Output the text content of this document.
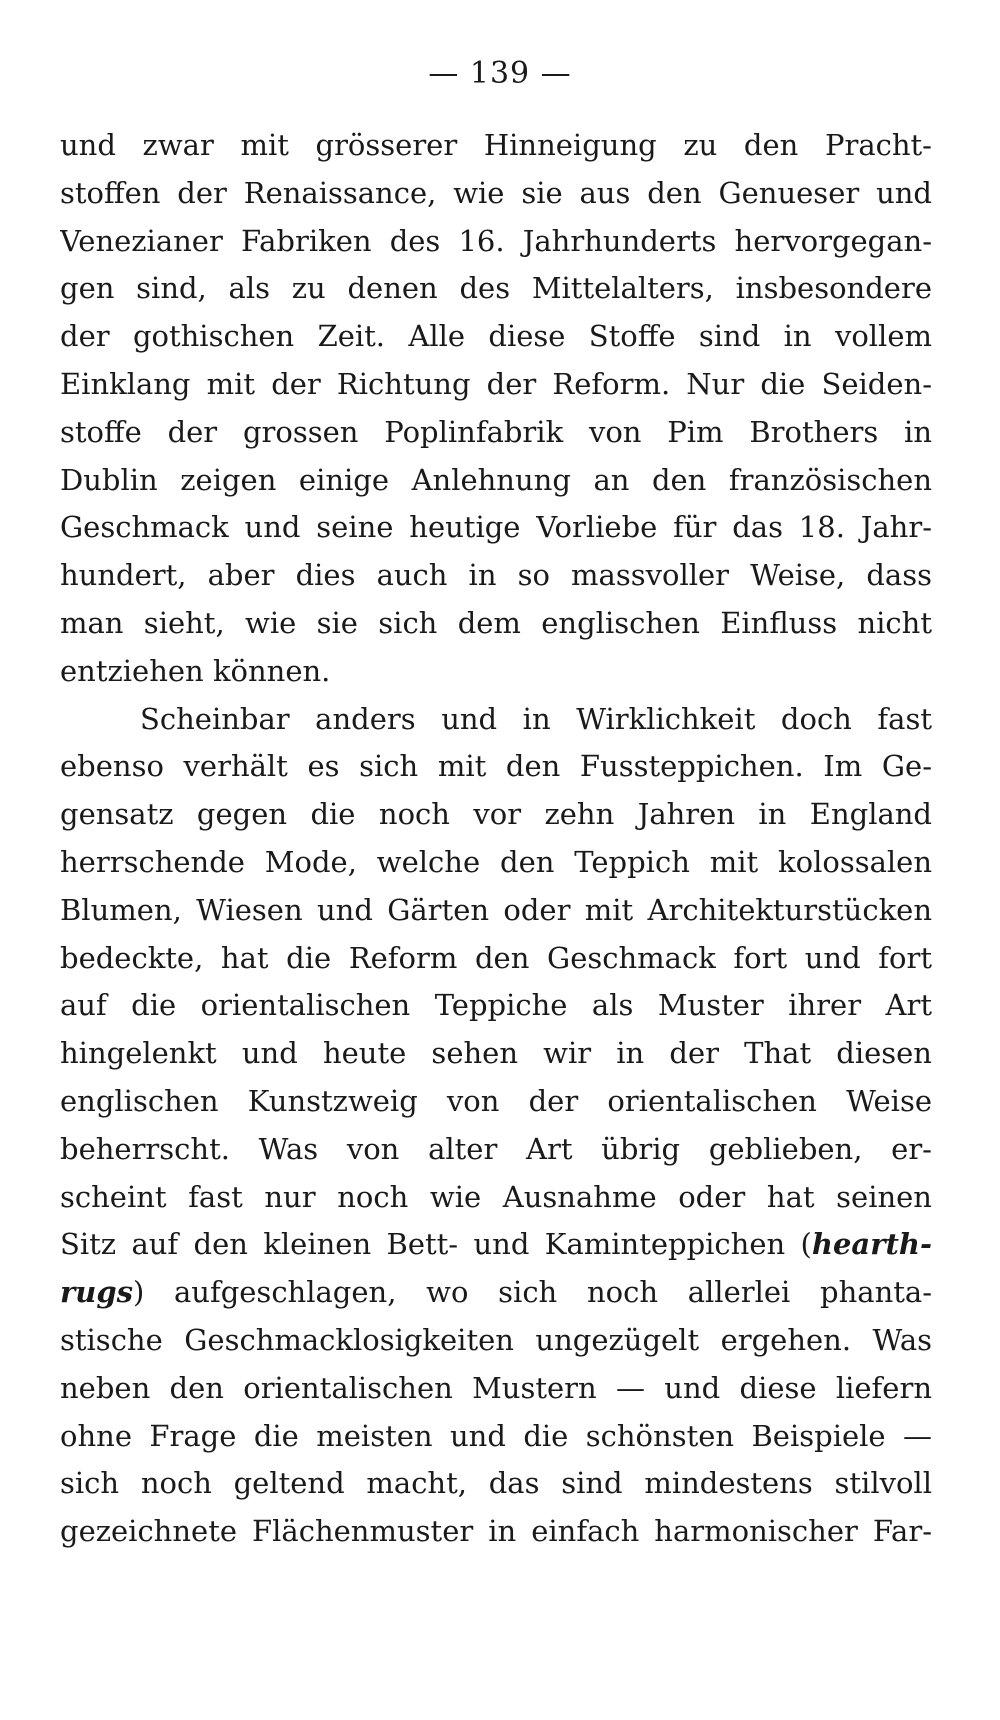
— 139 —
und zwar mit grösserer Hinneigung zu den Pracht-
stoffen der Renaissance, wie sie aus den Genueser und
Venezianer Fabriken des 16. Jahrhunderts hervorgegan-
gen sind, als zu denen des Mittelalters, insbesondere
der gothischen Zeit. Alle diese Stoffe sind in vollem
Einklang mit der Richtung der Reform. Nur die Seiden-
stoffe der grossen Poplinfabrik von Pim Brothers in
Dublin zeigen einige Anlehnung an den französischen
Geschmack und seine heutige Vorliebe für das 18. Jahr-
hundert, aber dies auch in so massvoller Weise, dass
man sieht, wie sie sich dem englischen Einfluss nicht
entziehen können.
Scheinbar anders und in Wirklichkeit doch fast
ebenso verhält es sich mit den Fussteppichen. Im Ge-
gensatz gegen die noch vor zehn Jahren in England
herrschende Mode, welche den Teppich mit kolossalen
Blumen, Wiesen und Gärten oder mit Architekturstücken
bedeckte, hat die Reform den Geschmack fort und fort
auf die orientalischen Teppiche als Muster ihrer Art
hingelenkt und heute sehen wir in der That diesen
englischen Kunstzweig von der orientalischen Weise
beherrscht. Was von alter Art übrig geblieben, er-
scheint fast nur noch wie Ausnahme oder hat seinen
Sitz auf den kleinen Bett- und Kaminteppichen (hearth-
rugs) aufgeschlagen, wo sich noch allerlei phanta-
stische Geschmacklosigkeiten ungezügelt ergehen. Was
neben den orientalischen Mustern — und diese liefern
ohne Frage die meisten und die schönsten Beispiele —
sich noch geltend macht, das sind mindestens stilvoll
gezeichnete Flächenmuster in einfach harmonischer Far-
